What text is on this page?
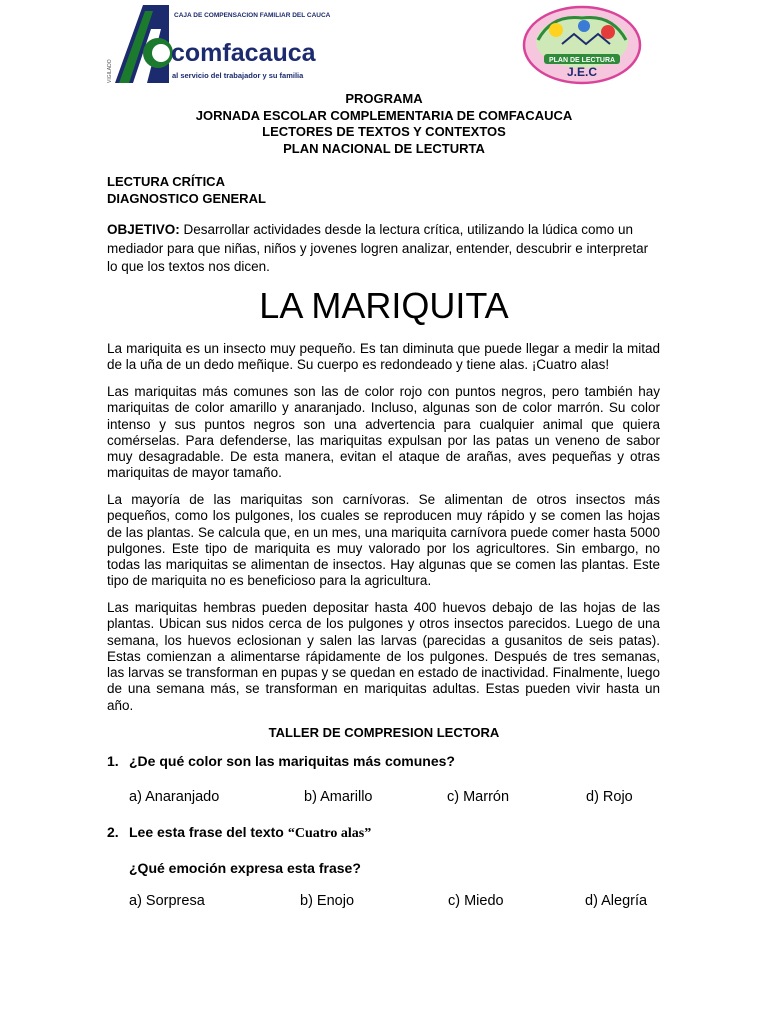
VIGILADO
CAJA DE COMPENSACION FAMILIAR DEL CAUCA
comfacauca
al servicio del trabajador y su familia
PLAN DE LECTURA
J.E.C
PROGRAMA
JORNADA ESCOLAR COMPLEMENTARIA DE COMFACAUCA
LECTORES DE TEXTOS Y CONTEXTOS
PLAN NACIONAL DE LECTURTA
LECTURA CRÍTICA
DIAGNOSTICO GENERAL
OBJETIVO: Desarrollar actividades desde la lectura crítica, utilizando la lúdica como un mediador para que niñas, niños y jovenes logren analizar, entender, descubrir e interpretar lo que los textos nos dicen.
LA MARIQUITA
La mariquita es un insecto muy pequeño. Es tan diminuta que puede llegar a medir la mitad de la uña de un dedo meñique. Su cuerpo es redondeado y tiene alas. ¡Cuatro alas!
Las mariquitas más comunes son las de color rojo con puntos negros, pero también hay mariquitas de color amarillo y anaranjado. Incluso, algunas son de color marrón. Su color intenso y sus puntos negros son una advertencia para cualquier animal que quiera comérselas. Para defenderse, las mariquitas expulsan por las patas un veneno de sabor muy desagradable. De esta manera, evitan el ataque de arañas, aves pequeñas y otras mariquitas de mayor tamaño.
La mayoría de las mariquitas son carnívoras. Se alimentan de otros insectos más pequeños, como los pulgones, los cuales se reproducen muy rápido y se comen las hojas de las plantas. Se calcula que, en un mes, una mariquita carnívora puede comer hasta 5000 pulgones. Este tipo de mariquita es muy valorado por los agricultores. Sin embargo, no todas las mariquitas se alimentan de insectos. Hay algunas que se comen las plantas. Este tipo de mariquita no es beneficioso para la agricultura.
Las mariquitas hembras pueden depositar hasta 400 huevos debajo de las hojas de las plantas. Ubican sus nidos cerca de los pulgones y otros insectos parecidos. Luego de una semana, los huevos eclosionan y salen las larvas (parecidas a gusanitos de seis patas). Estas comienzan a alimentarse rápidamente de los pulgones. Después de tres semanas, las larvas se transforman en pupas y se quedan en estado de inactividad. Finalmente, luego de una semana más, se transforman en mariquitas adultas. Estas pueden vivir hasta un año.
TALLER DE COMPRESION LECTORA
1. ¿De qué color son las mariquitas más comunes?
a) Anaranjado	b) Amarillo	c) Marrón	d) Rojo
2. Lee esta frase del texto “Cuatro alas”
¿Qué emoción expresa esta frase?
a) Sorpresa	b) Enojo	c) Miedo	d) Alegría
